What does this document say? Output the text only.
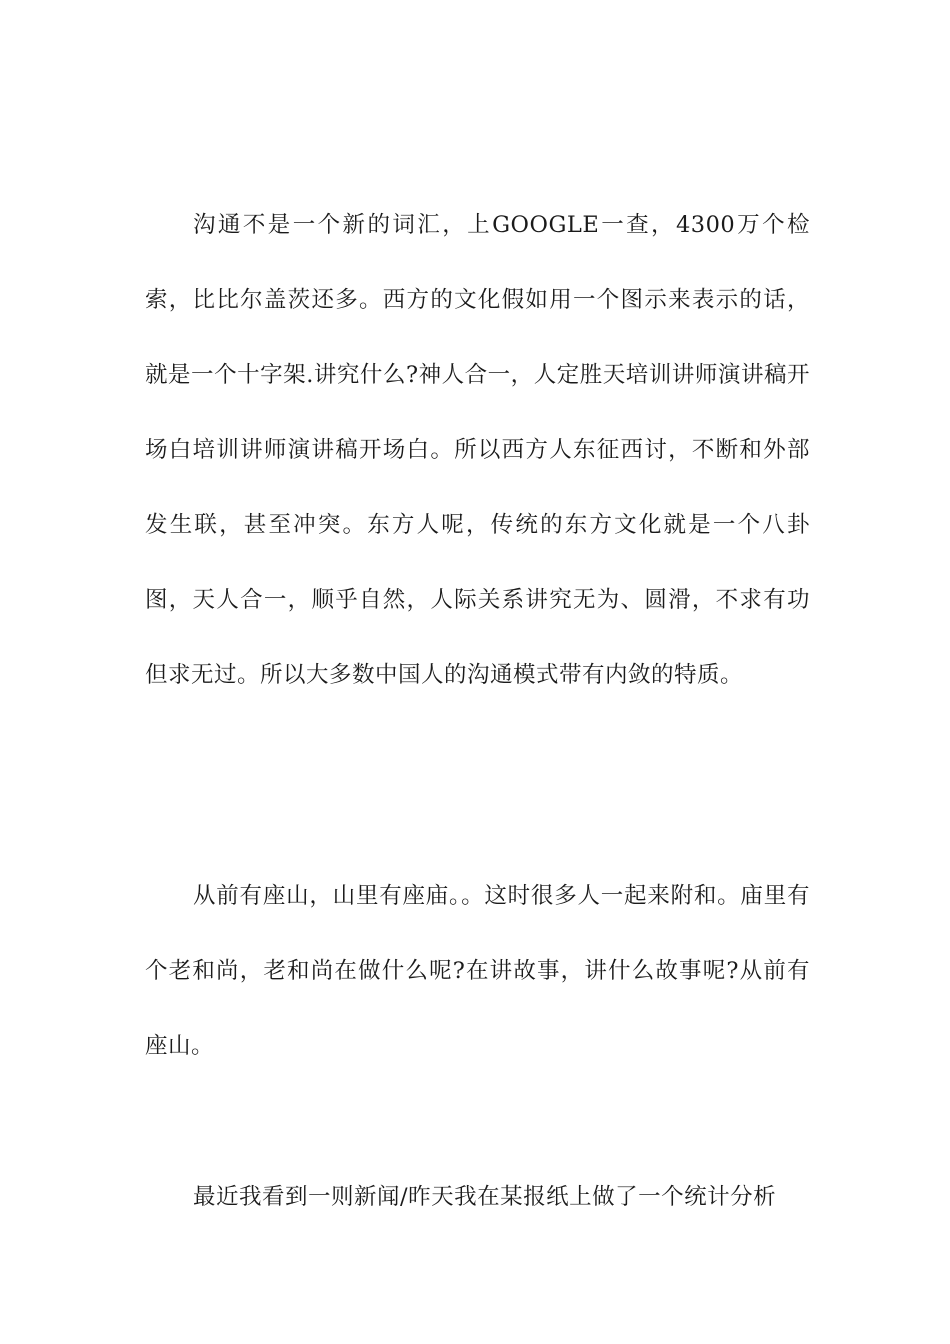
沟通不是一个新的词汇，上GOOGLE一查，4300万个检索，比比尔盖茨还多。西方的文化假如用一个图示来表示的话，就是一个十字架.讲究什么?神人合一，人定胜天培训讲师演讲稿开场白培训讲师演讲稿开场白。所以西方人东征西讨，不断和外部发生联，甚至冲突。东方人呢，传统的东方文化就是一个八卦图，天人合一，顺乎自然，人际关系讲究无为、圆滑，不求有功但求无过。所以大多数中国人的沟通模式带有内敛的特质。

从前有座山，山里有座庙。。这时很多人一起来附和。庙里有个老和尚，老和尚在做什么呢?在讲故事，讲什么故事呢?从前有座山。

最近我看到一则新闻/昨天我在某报纸上做了一个统计分析
